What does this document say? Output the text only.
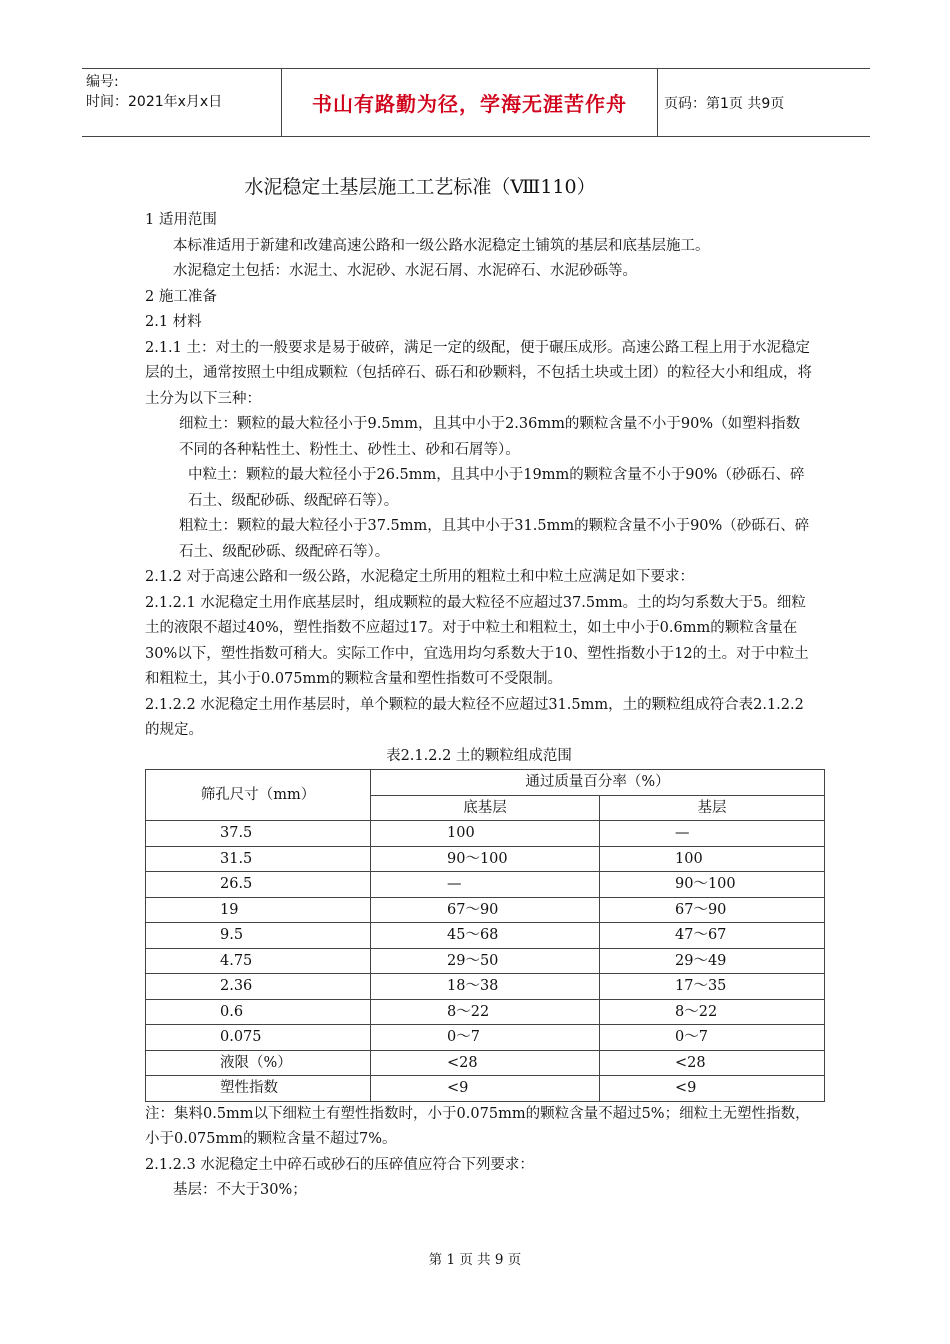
编号:
时间：2021年x月x日	书山有路勤为径，学海无涯苦作舟	页码：第1页 共9页
水泥稳定土基层施工工艺标准（Ⅷ110）

1 适用范围

本标准适用于新建和改建高速公路和一级公路水泥稳定土铺筑的基层和底基层施工。

水泥稳定土包括：水泥土、水泥砂、水泥石屑、水泥碎石、水泥砂砾等。

2 施工准备

2.1 材料

2.1.1 土：对土的一般要求是易于破碎，满足一定的级配，便于碾压成形。高速公路工程上用于水泥稳定层的土，通常按照土中组成颗粒（包括碎石、砾石和砂颗料，不包括土块或土团）的粒径大小和组成，将土分为以下三种：

细粒土：颗粒的最大粒径小于9.5mm，且其中小于2.36mm的颗粒含量不小于90%（如塑料指数不同的各种粘性土、粉性土、砂性土、砂和石屑等）。

中粒土：颗粒的最大粒径小于26.5mm，且其中小于19mm的颗粒含量不小于90%（砂砾石、碎石土、级配砂砾、级配碎石等）。

粗粒土：颗粒的最大粒径小于37.5mm，且其中小于31.5mm的颗粒含量不小于90%（砂砾石、碎石土、级配砂砾、级配碎石等）。

2.1.2 对于高速公路和一级公路，水泥稳定土所用的粗粒土和中粒土应满足如下要求：

2.1.2.1 水泥稳定土用作底基层时，组成颗粒的最大粒径不应超过37.5mm。土的均匀系数大于5。细粒土的液限不超过40%，塑性指数不应超过17。对于中粒土和粗粒土，如土中小于0.6mm的颗粒含量在30%以下，塑性指数可稍大。实际工作中，宜选用均匀系数大于10、塑性指数小于12的土。对于中粒土和粗粒土，其小于0.075mm的颗粒含量和塑性指数可不受限制。

2.1.2.2 水泥稳定土用作基层时，单个颗粒的最大粒径不应超过31.5mm，土的颗粒组成符合表2.1.2.2的规定。

表2.1.2.2 土的颗粒组成范围

筛孔尺寸（mm）	通过质量百分率（%）	
	底基层	基层
37.5	100	—
31.5	90～100	100
26.5	—	90～100
19	67～90	67～90
9.5	45～68	47～67
4.75	29～50	29～49
2.36	18～38	17～35
0.6	8～22	8～22
0.075	0～7	0～7
液限（%）	<28	<28
塑性指数	<9	<9

注：集料0.5mm以下细粒土有塑性指数时，小于0.075mm的颗粒含量不超过5%；细粒土无塑性指数，小于0.075mm的颗粒含量不超过7%。

2.1.2.3 水泥稳定土中碎石或砂石的压碎值应符合下列要求：

基层：不大于30%；

第 1 页 共 9 页
